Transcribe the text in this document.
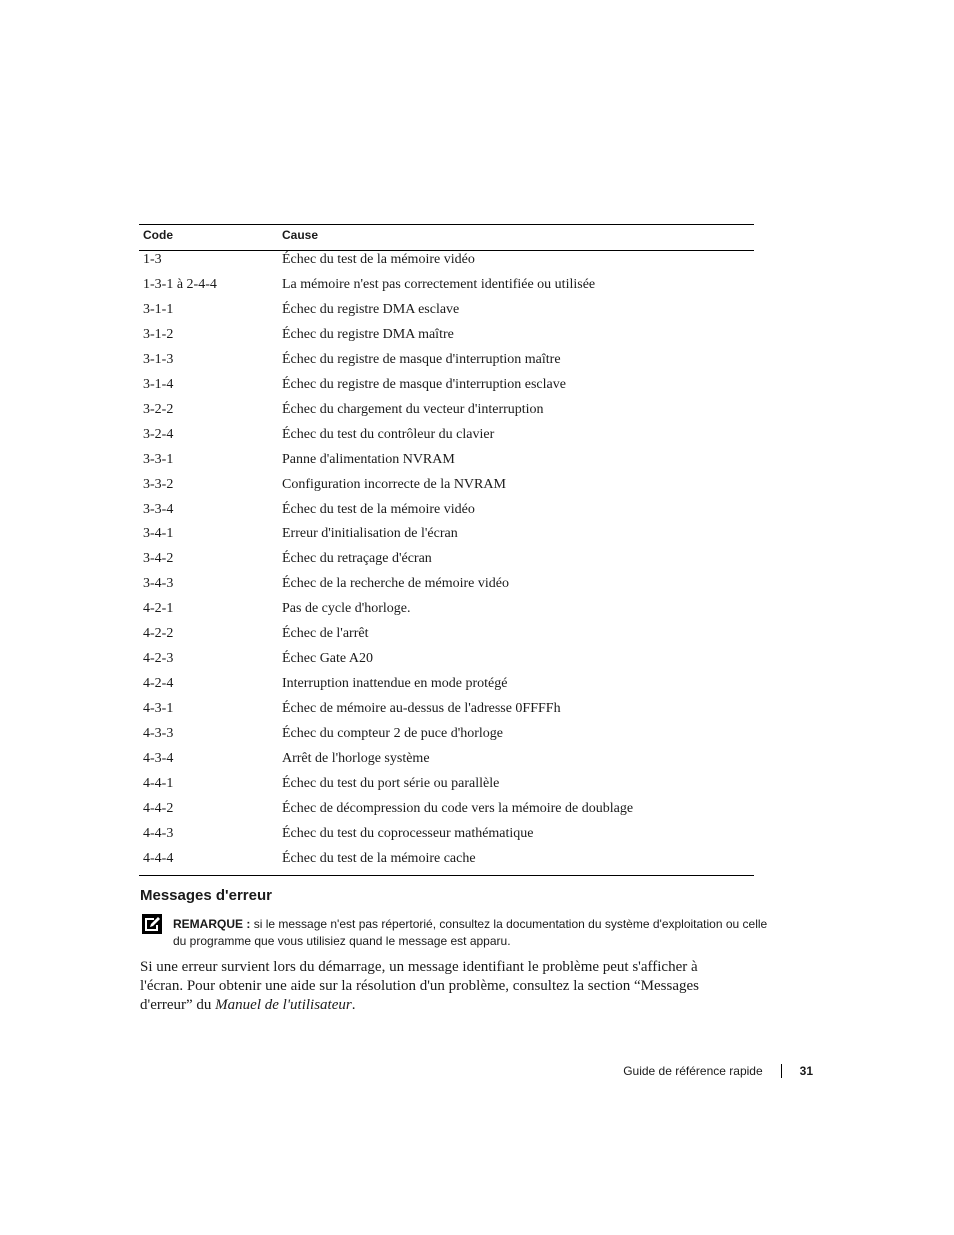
Code	Cause
1-3	Échec du test de la mémoire vidéo
1-3-1 à 2-4-4	La mémoire n'est pas correctement identifiée ou utilisée
3-1-1	Échec du registre DMA esclave
3-1-2	Échec du registre DMA maître
3-1-3	Échec du registre de masque d'interruption maître
3-1-4	Échec du registre de masque d'interruption esclave
3-2-2	Échec du chargement du vecteur d'interruption
3-2-4	Échec du test du contrôleur du clavier
3-3-1	Panne d'alimentation NVRAM
3-3-2	Configuration incorrecte de la NVRAM
3-3-4	Échec du test de la mémoire vidéo
3-4-1	Erreur d'initialisation de l'écran
3-4-2	Échec du retraçage d'écran
3-4-3	Échec de la recherche de mémoire vidéo
4-2-1	Pas de cycle d'horloge.
4-2-2	Échec de l'arrêt
4-2-3	Échec Gate A20
4-2-4	Interruption inattendue en mode protégé
4-3-1	Échec de mémoire au-dessus de l'adresse 0FFFFh
4-3-3	Échec du compteur 2 de puce d'horloge
4-3-4	Arrêt de l'horloge système
4-4-1	Échec du test du port série ou parallèle
4-4-2	Échec de décompression du code vers la mémoire de doublage
4-4-3	Échec du test du coprocesseur mathématique
4-4-4	Échec du test de la mémoire cache
Messages d'erreur

REMARQUE : si le message n'est pas répertorié, consultez la documentation du système d'exploitation ou celle du programme que vous utilisiez quand le message est apparu.

Si une erreur survient lors du démarrage, un message identifiant le problème peut s'afficher à l'écran. Pour obtenir une aide sur la résolution d'un problème, consultez la section “Messages d'erreur” du Manuel de l'utilisateur.

Guide de référence rapide	31
